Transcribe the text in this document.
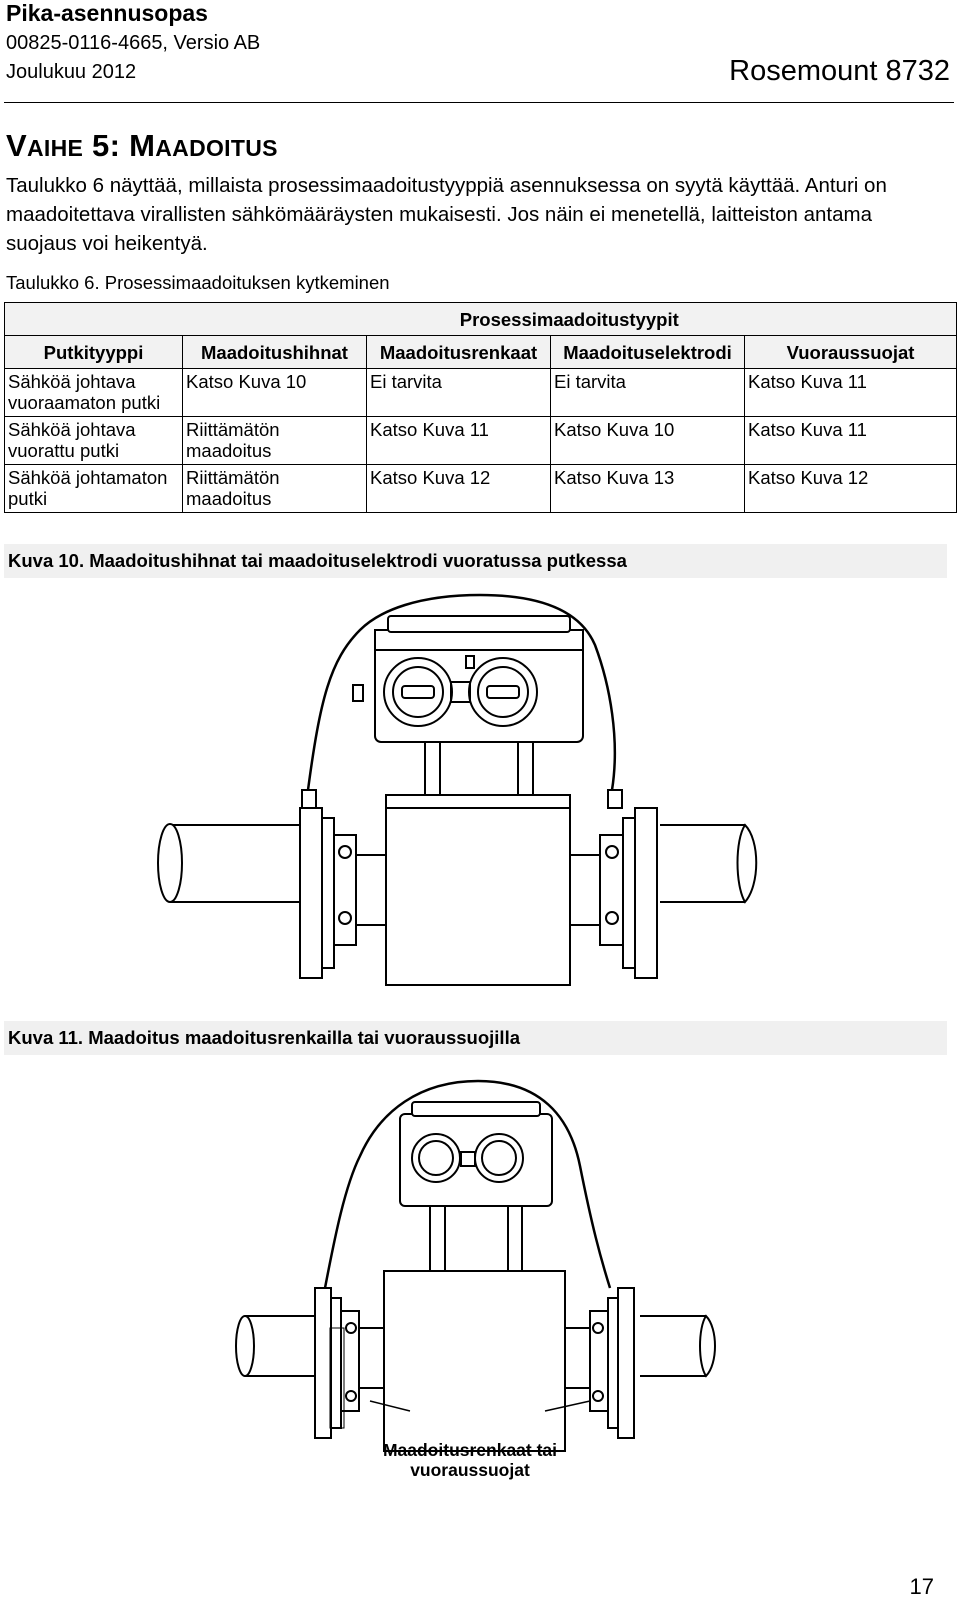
Pika-asennusopas
00825-0116-4665, Versio AB
Joulukuu 2012	Rosemount 8732
VAIHE 5: MAADOITUS
Taulukko 6 näyttää, millaista prosessimaadoitustyyppiä asennuksessa on syytä käyttää. Anturi on maadoitettava virallisten sähkömääräysten mukaisesti. Jos näin ei menetellä, laitteiston antama suojaus voi heikentyä.
Taulukko 6. Prosessimaadoituksen kytkeminen
	Prosessimaadoitustyypit			
Putkityyppi	Maadoitushihnat	Maadoitusrenkaat	Maadoituselektrodi	Vuoraussuojat
Sähköä johtava vuoraamaton putki	Katso Kuva 10	Ei tarvita	Ei tarvita	Katso Kuva 11
Sähköä johtava vuorattu putki	Riittämätön maadoitus	Katso Kuva 11	Katso Kuva 10	Katso Kuva 11
Sähköä johtamaton putki	Riittämätön maadoitus	Katso Kuva 12	Katso Kuva 13	Katso Kuva 12
Kuva 10. Maadoitushihnat tai maadoituselektrodi vuoratussa putkessa
Kuva 11. Maadoitus maadoitusrenkailla tai vuoraussuojilla
Maadoitusrenkaat tai
vuoraussuojat
17
